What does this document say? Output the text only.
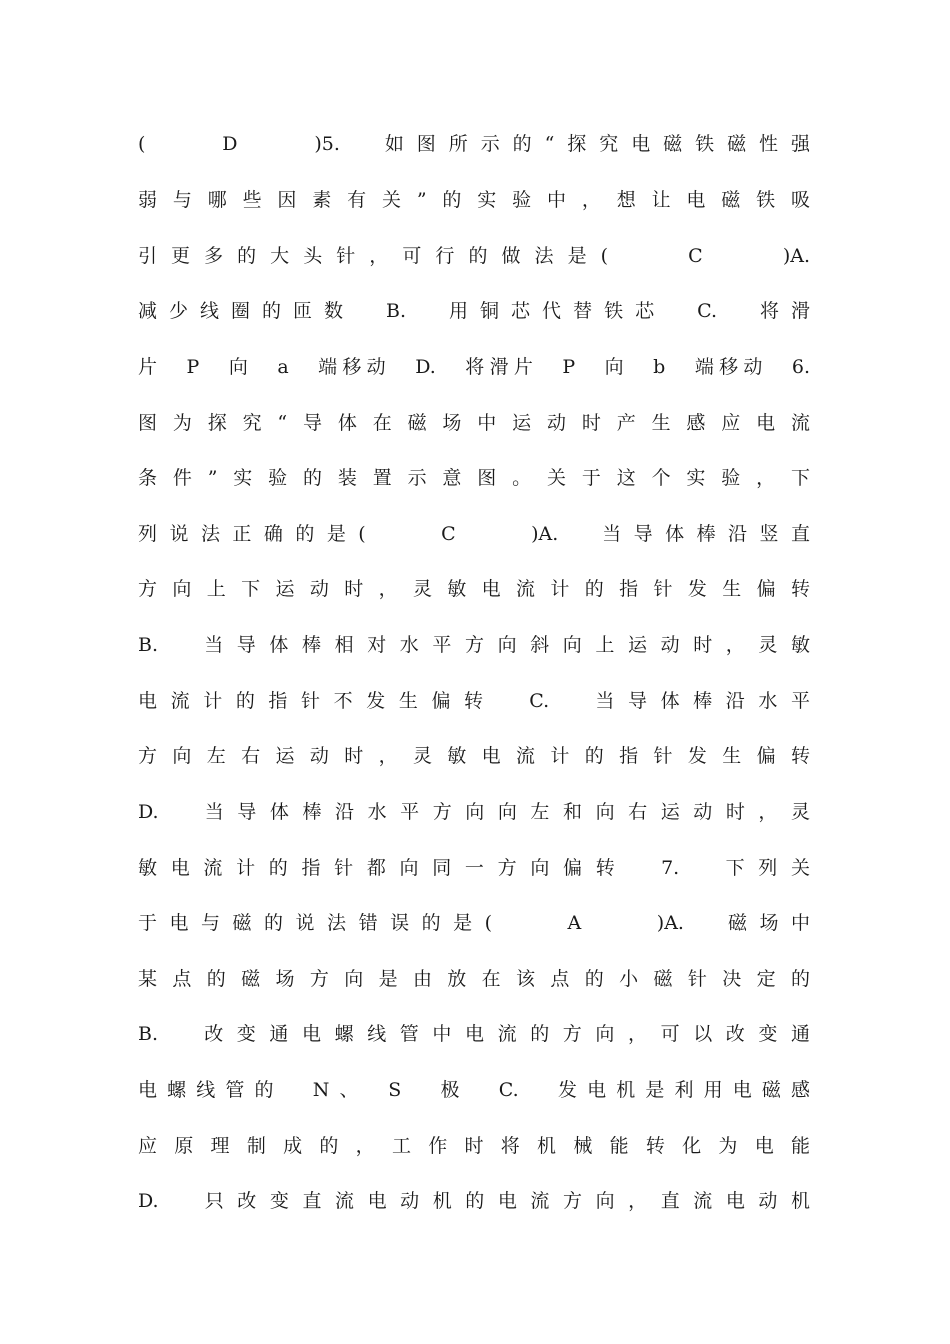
(　　D　　)5.　如图所示的“探究电磁铁磁性强

弱与哪些因素有关”的实验中，想让电磁铁吸

引更多的大头针，可行的做法是(　　C　　)A.

减少线圈的匝数　B.　用铜芯代替铁芯　C.　将滑

片　P　向　a　端移动　D.　将滑片　P　向　b　端移动　6.

图为探究“导体在磁场中运动时产生感应电流

条件”实验的装置示意图。关于这个实验，下

列说法正确的是(　　C　　)A.　当导体棒沿竖直

方向上下运动时，灵敏电流计的指针发生偏转

B.　当导体棒相对水平方向斜向上运动时，灵敏

电流计的指针不发生偏转　C.　当导体棒沿水平

方向左右运动时，灵敏电流计的指针发生偏转

D.　当导体棒沿水平方向向左和向右运动时，灵

敏电流计的指针都向同一方向偏转　7.　下列关

于电与磁的说法错误的是(　　A　　)A.　磁场中

某点的磁场方向是由放在该点的小磁针决定的

B.　改变通电螺线管中电流的方向，可以改变通

电螺线管的　N、　S　极　C.　发电机是利用电磁感

应原理制成的，工作时将机械能转化为电能

D.　只改变直流电动机的电流方向，直流电动机
